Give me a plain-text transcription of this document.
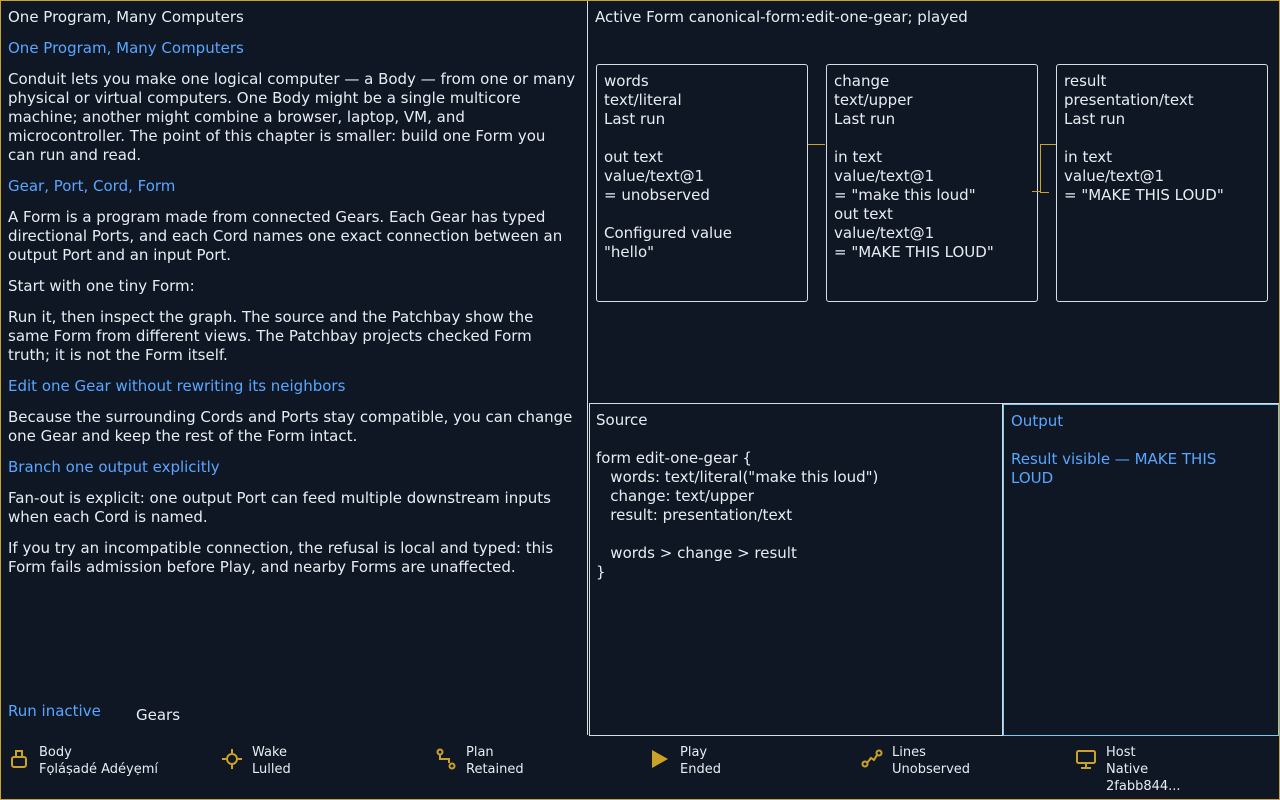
One Program, Many Computers
One Program, Many Computers

Conduit lets you make one logical computer — a Body — from one or many physical or virtual computers. One Body might be a single multicore machine; another might combine a browser, laptop, VM, and microcontroller. The point of this chapter is smaller: build one Form you can run and read.

Gear, Port, Cord, Form

A Form is a program made from connected Gears. Each Gear has typed directional Ports, and each Cord names one exact connection between an output Port and an input Port.

Start with one tiny Form:

Run it, then inspect the graph. The source and the Patchbay show the same Form from different views. The Patchbay projects checked Form truth; it is not the Form itself.

Edit one Gear without rewriting its neighbors

Because the surrounding Cords and Ports stay compatible, you can change one Gear and keep the rest of the Form intact.

Branch one output explicitly

Fan-out is explicit: one output Port can feed multiple downstream inputs when each Cord is named.

If you try an incompatible connection, the refusal is local and typed: this Form fails admission before Play, and nearby Forms are unaffected.

Run inactive Gears
Active Form canonical-form:edit-one-gear; played
words
text/literal
Last run
out text
value/text@1
= unobserved
Configured value
"hello"
change
text/upper
Last run
in text
value/text@1
= "make this loud"
out text
value/text@1
= "MAKE THIS LOUD"
result
presentation/text
Last run
in text
value/text@1
= "MAKE THIS LOUD"
Source
form edit-one-gear {
words: text/literal("make this loud")
change: text/upper
result: presentation/text

words > change > result
}
Output
Result visible — MAKE THIS LOUD
Body
Fọláṣadé Adéyẹmí
Wake
Lulled
Plan
Retained
Play
Ended
Lines
Unobserved
Host
Native
2fabb844...
